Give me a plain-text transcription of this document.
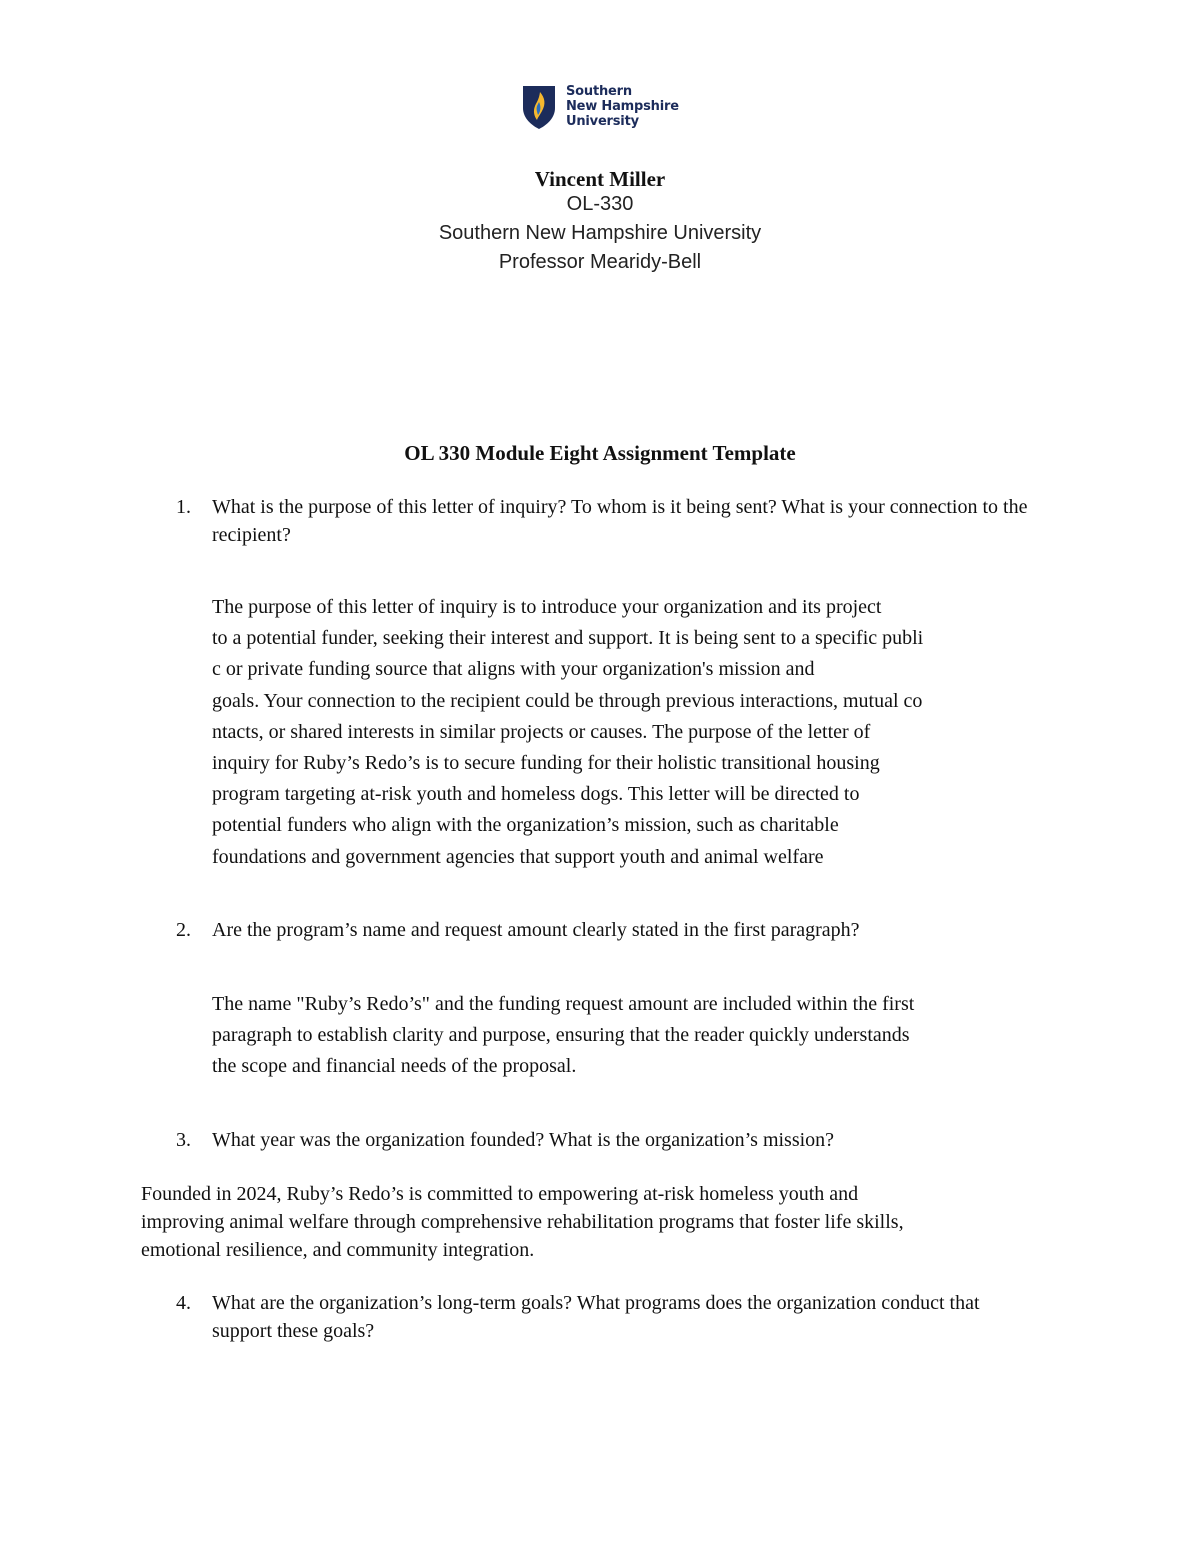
Southern
New Hampshire
University
Vincent Miller
OL-330
Southern New Hampshire University
Professor Mearidy-Bell
OL 330 Module Eight Assignment Template
1. What is the purpose of this letter of inquiry? To whom is it being sent? What is your connection to the recipient?
The purpose of this letter of inquiry is to introduce your organization and its project
to a potential funder, seeking their interest and support. It is being sent to a specific publi
c or private funding source that aligns with your organization's mission and
goals. Your connection to the recipient could be through previous interactions, mutual co
ntacts, or shared interests in similar projects or causes. The purpose of the letter of
inquiry for Ruby’s Redo’s is to secure funding for their holistic transitional housing
program targeting at-risk youth and homeless dogs. This letter will be directed to
potential funders who align with the organization’s mission, such as charitable
foundations and government agencies that support youth and animal welfare
2. Are the program’s name and request amount clearly stated in the first paragraph?
The name "Ruby’s Redo’s" and the funding request amount are included within the first
paragraph to establish clarity and purpose, ensuring that the reader quickly understands
the scope and financial needs of the proposal.
3. What year was the organization founded? What is the organization’s mission?
Founded in 2024, Ruby’s Redo’s is committed to empowering at-risk homeless youth and
improving animal welfare through comprehensive rehabilitation programs that foster life skills,
emotional resilience, and community integration.
4. What are the organization’s long-term goals? What programs does the organization conduct that support these goals?
